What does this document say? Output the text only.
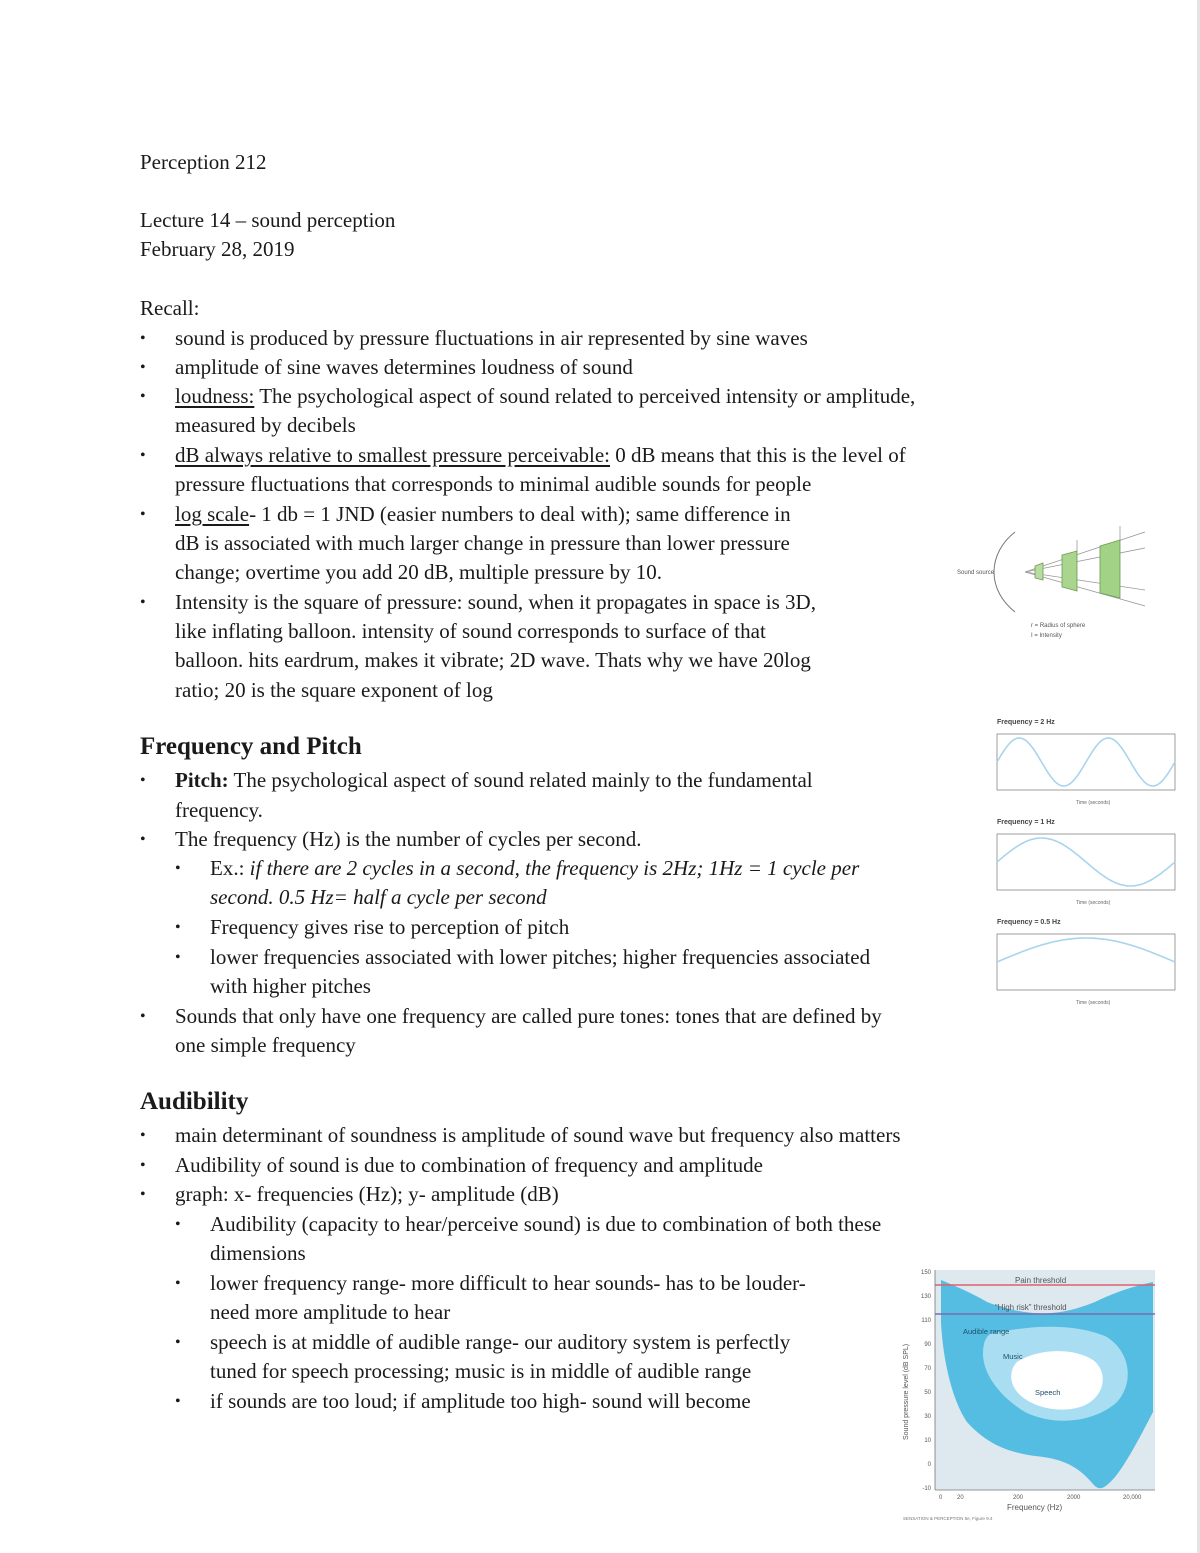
Perception 212
Lecture 14 – sound perception
February 28, 2019
Recall:
• sound is produced by pressure fluctuations in air represented by sine waves
• amplitude of sine waves determines loudness of sound
• loudness: The psychological aspect of sound related to perceived intensity or amplitude,
measured by decibels
• dB always relative to smallest pressure perceivable: 0 dB means that this is the level of
pressure fluctuations that corresponds to minimal audible sounds for people
• log scale- 1 db = 1 JND (easier numbers to deal with); same difference in
dB is associated with much larger change in pressure than lower pressure
change; overtime you add 20 dB, multiple pressure by 10.
• Intensity is the square of pressure: sound, when it propagates in space is 3D,
like inflating balloon. intensity of sound corresponds to surface of that
balloon. hits eardrum, makes it vibrate; 2D wave. Thats why we have 20log
ratio; 20 is the square exponent of log
Frequency and Pitch
• Pitch: The psychological aspect of sound related mainly to the fundamental
frequency.
• The frequency (Hz) is the number of cycles per second.
• Ex.: if there are 2 cycles in a second, the frequency is 2Hz; 1Hz = 1 cycle per
second. 0.5 Hz= half a cycle per second
• Frequency gives rise to perception of pitch
• lower frequencies associated with lower pitches; higher frequencies associated
with higher pitches
• Sounds that only have one frequency are called pure tones: tones that are defined by
one simple frequency
Audibility
• main determinant of soundness is amplitude of sound wave but frequency also matters
• Audibility of sound is due to combination of frequency and amplitude
• graph: x- frequencies (Hz); y- amplitude (dB)
• Audibility (capacity to hear/perceive sound) is due to combination of both these
dimensions
• lower frequency range- more difficult to hear sounds- has to be louder-
need more amplitude to hear
• speech is at middle of audible range- our auditory system is perfectly
tuned for speech processing; music is in middle of audible range
• if sounds are too loud; if amplitude too high- sound will become
Sound source
r = Radius of sphere
I = Intensity
Frequency = 2 Hz
Time (seconds)
Frequency = 1 Hz
Time (seconds)
Frequency = 0.5 Hz
Time (seconds)
Pain threshold
“High risk” threshold
Audible range
Music
Speech
150
130
110
90
70
50
30
10
0
-10
0 20	200	2000	20,000
Sound pressure level (dB SPL)
Frequency (Hz)
SENSATION & PERCEPTION 5e, Figure 9.4
